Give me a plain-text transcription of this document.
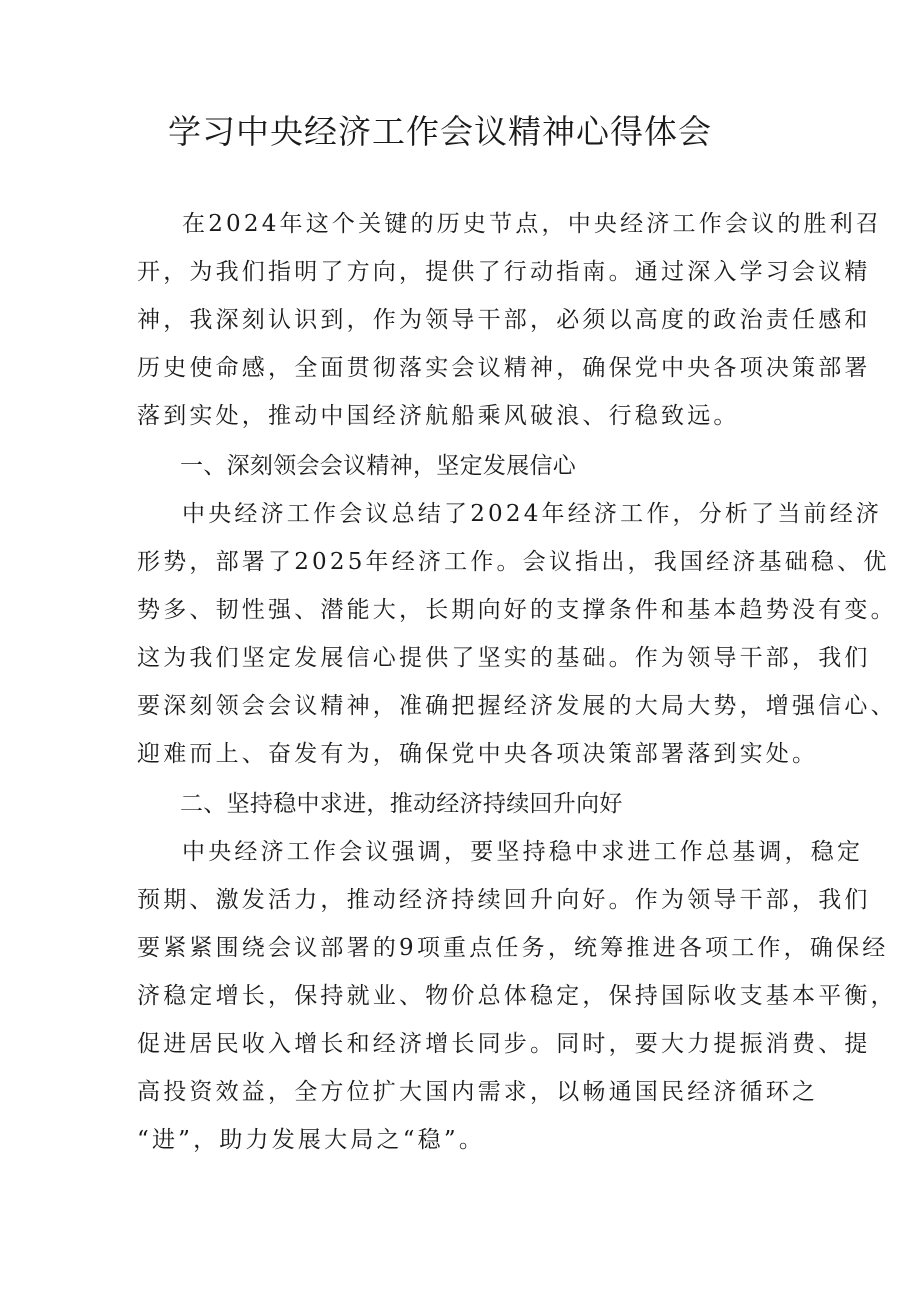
学习中央经济工作会议精神心得体会
在2024年这个关键的历史节点，中央经济工作会议的胜利召
开，为我们指明了方向，提供了行动指南。通过深入学习会议精
神，我深刻认识到，作为领导干部，必须以高度的政治责任感和
历史使命感，全面贯彻落实会议精神，确保党中央各项决策部署
落到实处，推动中国经济航船乘风破浪、行稳致远。
一、深刻领会会议精神，坚定发展信心
中央经济工作会议总结了2024年经济工作，分析了当前经济
形势，部署了2025年经济工作。会议指出，我国经济基础稳、优
势多、韧性强、潜能大，长期向好的支撑条件和基本趋势没有变。
这为我们坚定发展信心提供了坚实的基础。作为领导干部，我们
要深刻领会会议精神，准确把握经济发展的大局大势，增强信心、
迎难而上、奋发有为，确保党中央各项决策部署落到实处。
二、坚持稳中求进，推动经济持续回升向好
中央经济工作会议强调，要坚持稳中求进工作总基调，稳定
预期、激发活力，推动经济持续回升向好。作为领导干部，我们
要紧紧围绕会议部署的9项重点任务，统筹推进各项工作，确保经
济稳定增长，保持就业、物价总体稳定，保持国际收支基本平衡，
促进居民收入增长和经济增长同步。同时，要大力提振消费、提
高投资效益，全方位扩大国内需求，以畅通国民经济循环之
“进”，助力发展大局之“稳”。
